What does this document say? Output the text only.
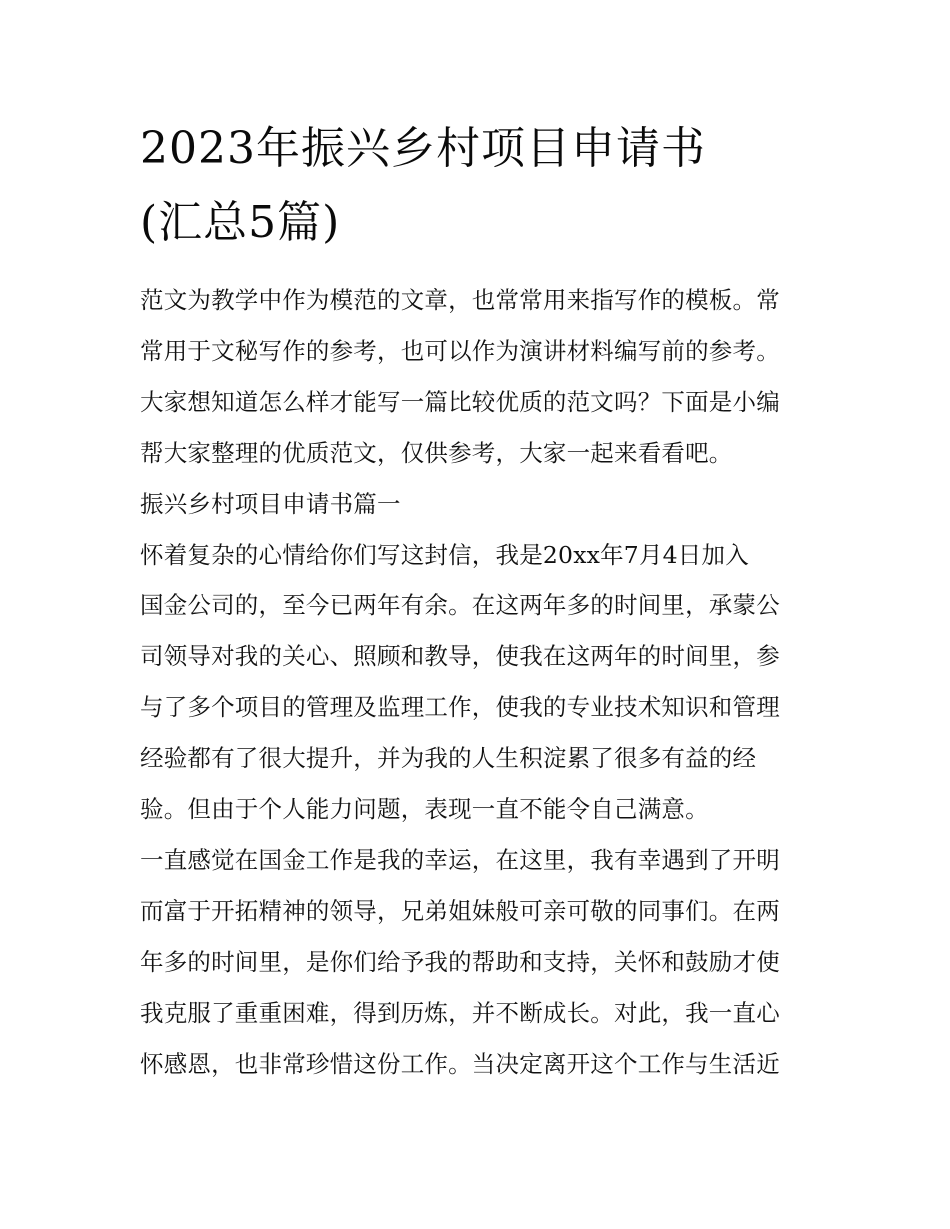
2023年振兴乡村项目申请书
(汇总5篇)
范文为教学中作为模范的文章，也常常用来指写作的模板。常
常用于文秘写作的参考，也可以作为演讲材料编写前的参考。
大家想知道怎么样才能写一篇比较优质的范文吗？下面是小编
帮大家整理的优质范文，仅供参考，大家一起来看看吧。
振兴乡村项目申请书篇一
怀着复杂的心情给你们写这封信，我是20xx年7月4日加入
国金公司的，至今已两年有余。在这两年多的时间里，承蒙公
司领导对我的关心、照顾和教导，使我在这两年的时间里，参
与了多个项目的管理及监理工作，使我的专业技术知识和管理
经验都有了很大提升，并为我的人生积淀累了很多有益的经
验。但由于个人能力问题，表现一直不能令自己满意。
一直感觉在国金工作是我的幸运，在这里，我有幸遇到了开明
而富于开拓精神的领导，兄弟姐妹般可亲可敬的同事们。在两
年多的时间里，是你们给予我的帮助和支持，关怀和鼓励才使
我克服了重重困难，得到历炼，并不断成长。对此，我一直心
怀感恩，也非常珍惜这份工作。当决定离开这个工作与生活近
